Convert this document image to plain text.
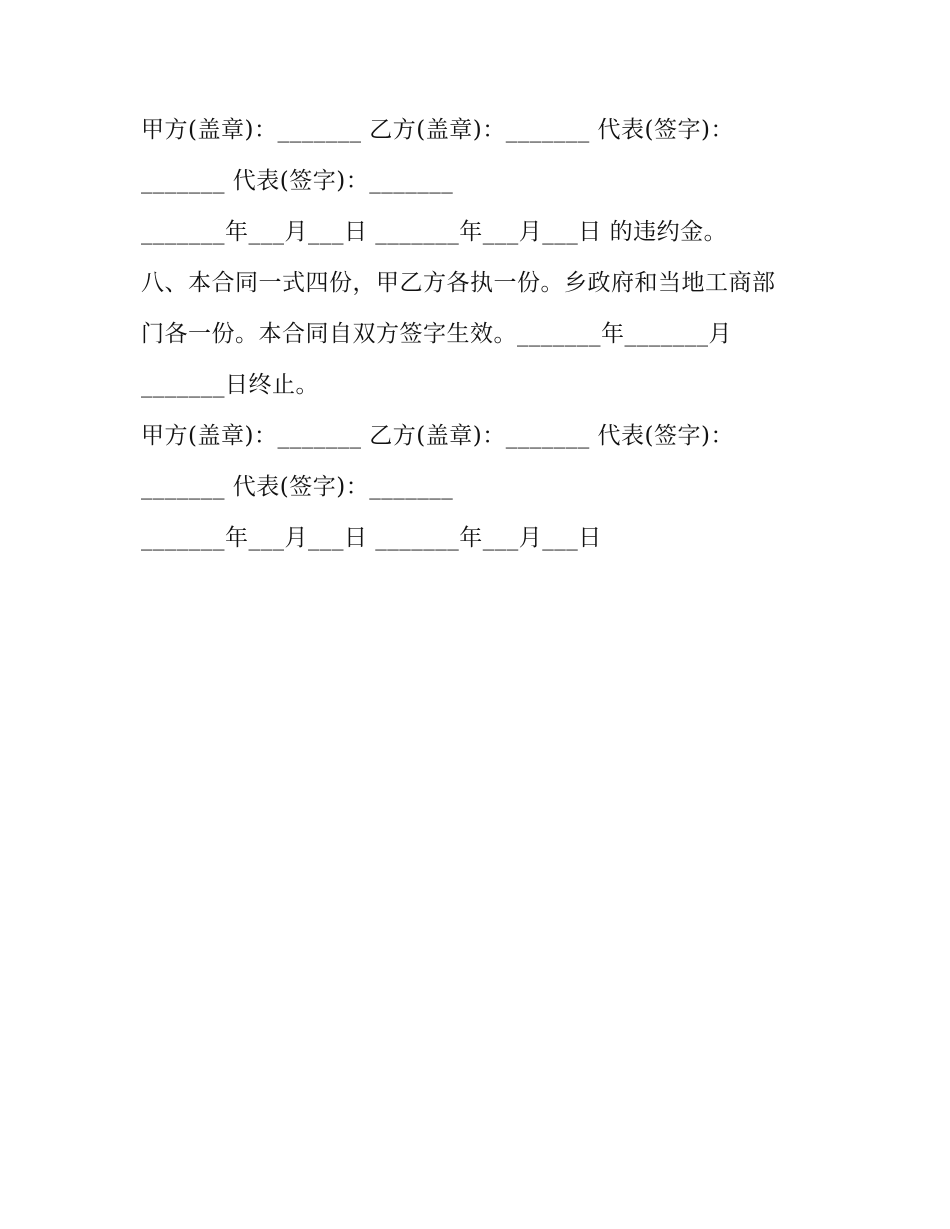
甲方(盖章)：_______ 乙方(盖章)：_______ 代表(签字)：
_______ 代表(签字)：_______
_______年___月___日 _______年___月___日 的违约金。
八、本合同一式四份，甲乙方各执一份。乡政府和当地工商部
门各一份。本合同自双方签字生效。_______年_______月
_______日终止。
甲方(盖章)：_______ 乙方(盖章)：_______ 代表(签字)：
_______ 代表(签字)：_______
_______年___月___日 _______年___月___日
